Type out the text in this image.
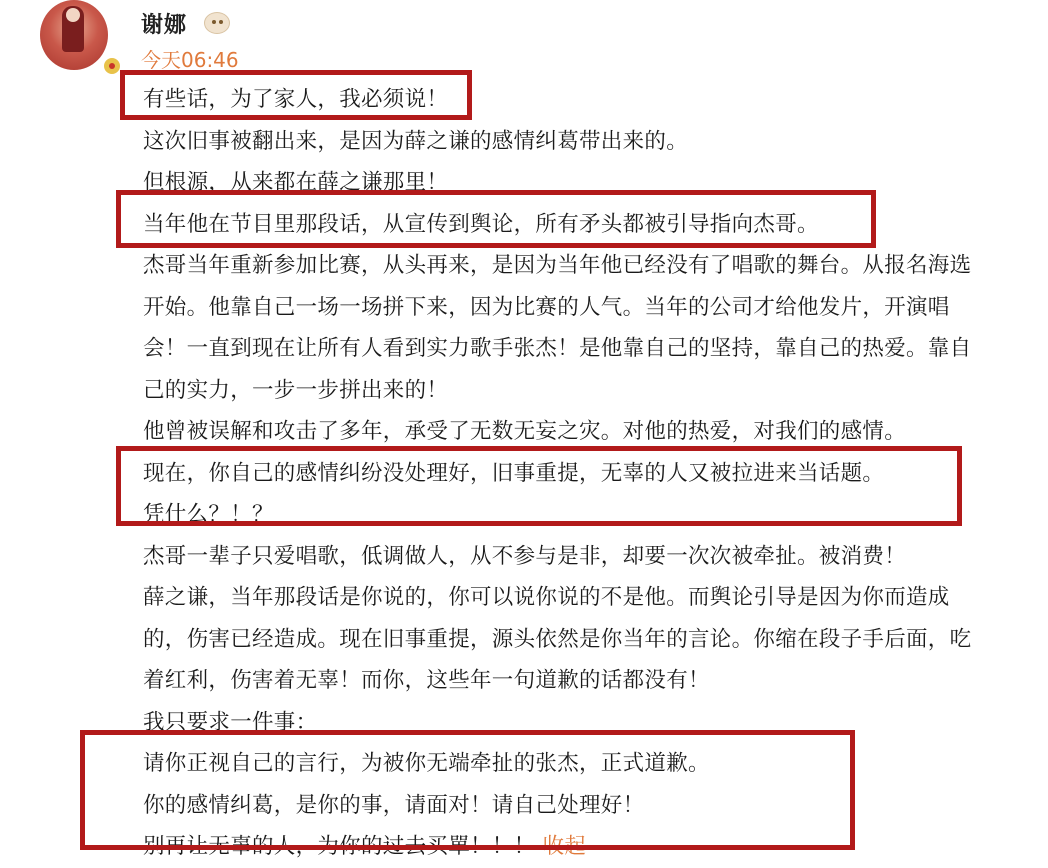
谢娜
今天06:46
有些话，为了家人，我必须说！
这次旧事被翻出来，是因为薛之谦的感情纠葛带出来的。
但根源，从来都在薛之谦那里！
当年他在节目里那段话，从宣传到舆论，所有矛头都被引导指向杰哥。
杰哥当年重新参加比赛，从头再来，是因为当年他已经没有了唱歌的舞台。从报名海选
开始。他靠自己一场一场拼下来，因为比赛的人气。当年的公司才给他发片，开演唱
会！一直到现在让所有人看到实力歌手张杰！是他靠自己的坚持，靠自己的热爱。靠自
己的实力，一步一步拼出来的！
他曾被误解和攻击了多年，承受了无数无妄之灾。对他的热爱，对我们的感情。
现在，你自己的感情纠纷没处理好，旧事重提，无辜的人又被拉进来当话题。
凭什么？！？
杰哥一辈子只爱唱歌，低调做人，从不参与是非，却要一次次被牵扯。被消费！
薛之谦，当年那段话是你说的，你可以说你说的不是他。而舆论引导是因为你而造成
的，伤害已经造成。现在旧事重提，源头依然是你当年的言论。你缩在段子手后面，吃
着红利，伤害着无辜！而你，这些年一句道歉的话都没有！
我只要求一件事：
请你正视自己的言行，为被你无端牵扯的张杰，正式道歉。
你的感情纠葛，是你的事，请面对！请自己处理好！
别再让无辜的人，为你的过去买單！！！ 收起
